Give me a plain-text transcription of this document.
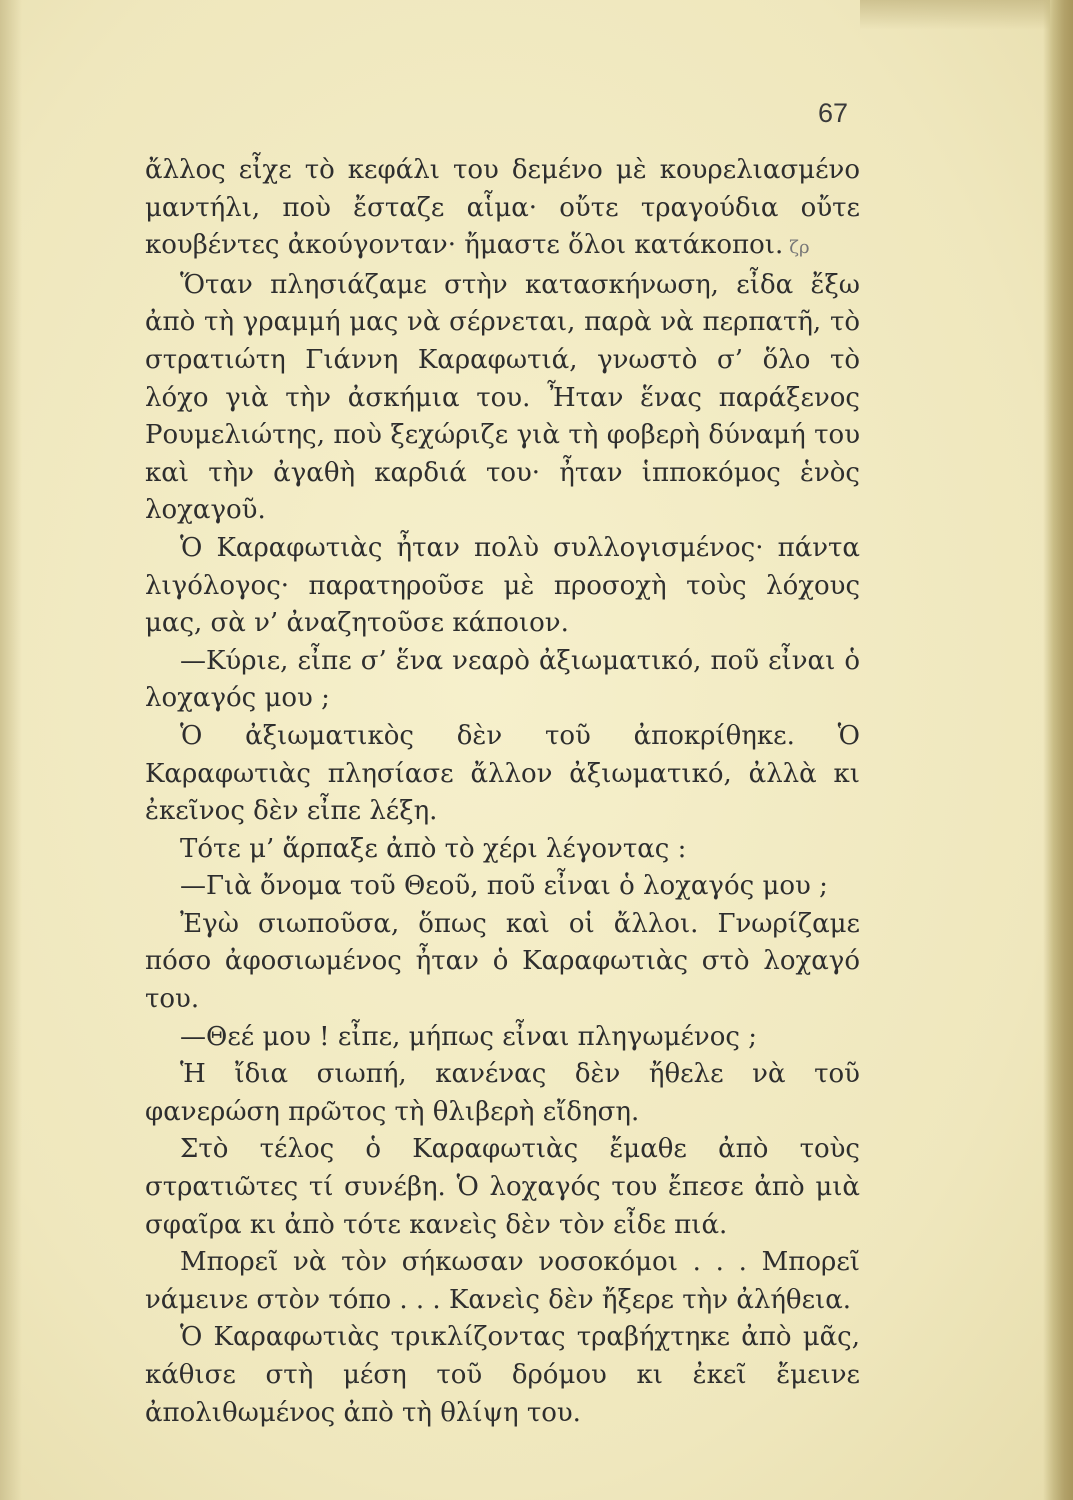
67

ἄλλος εἶχε τὸ κεφάλι του δεμένο μὲ κουρελιασμένο μαντήλι, ποὺ ἔσταζε αἷμα· οὔτε τραγούδια οὔτε κουβέντες ἀκούγονταν· ἤμαστε ὅλοι κατάκοποι. ζρ

Ὅταν πλησιάζαμε στὴν κατασκήνωση, εἶδα ἔξω ἀπὸ τὴ γραμμή μας νὰ σέρνεται, παρὰ νὰ περπατῆ, τὸ στρατιώτη Γιάννη Καραφωτιά, γνωστὸ σ’ ὅλο τὸ λόχο γιὰ τὴν ἀσκήμια του. Ἦταν ἕνας παράξενος Ρουμελιώτης, ποὺ ξεχώριζε γιὰ τὴ φοβερὴ δύναμή του καὶ τὴν ἀγαθὴ καρδιά του· ἦταν ἱπποκόμος ἑνὸς λοχαγοῦ.

Ὁ Καραφωτιὰς ἦταν πολὺ συλλογισμένος· πάντα λιγόλογος· παρατηροῦσε μὲ προσοχὴ τοὺς λόχους μας, σὰ ν’ ἀναζητοῦσε κάποιον.

—Κύριε, εἶπε σ’ ἕνα νεαρὸ ἀξιωματικό, ποῦ εἶναι ὁ λοχαγός μου ;

Ὁ ἀξιωματικὸς δὲν τοῦ ἀποκρίθηκε. Ὁ Καραφωτιὰς πλησίασε ἄλλον ἀξιωματικό, ἀλλὰ κι ἐκεῖνος δὲν εἶπε λέξη.

Τότε μ’ ἅρπαξε ἀπὸ τὸ χέρι λέγοντας :

—Γιὰ ὄνομα τοῦ Θεοῦ, ποῦ εἶναι ὁ λοχαγός μου ;

Ἐγὼ σιωποῦσα, ὅπως καὶ οἱ ἄλλοι. Γνωρίζαμε πόσο ἀφοσιωμένος ἦταν ὁ Καραφωτιὰς στὸ λοχαγό του.

—Θεέ μου ! εἶπε, μήπως εἶναι πληγωμένος ;

Ἡ ἴδια σιωπή, κανένας δὲν ἤθελε νὰ τοῦ φανερώση πρῶτος τὴ θλιβερὴ εἴδηση.

Στὸ τέλος ὁ Καραφωτιὰς ἔμαθε ἀπὸ τοὺς στρατιῶτες τί συνέβη. Ὁ λοχαγός του ἔπεσε ἀπὸ μιὰ σφαῖρα κι ἀπὸ τότε κανεὶς δὲν τὸν εἶδε πιά.

Μπορεῖ νὰ τὸν σήκωσαν νοσοκόμοι . . . Μπορεῖ νάμεινε στὸν τόπο . . . Κανεὶς δὲν ἤξερε τὴν ἀλήθεια.

Ὁ Καραφωτιὰς τρικλίζοντας τραβήχτηκε ἀπὸ μᾶς, κάθισε στὴ μέση τοῦ δρόμου κι ἐκεῖ ἔμεινε ἀπολιθωμένος ἀπὸ τὴ θλίψη του.
